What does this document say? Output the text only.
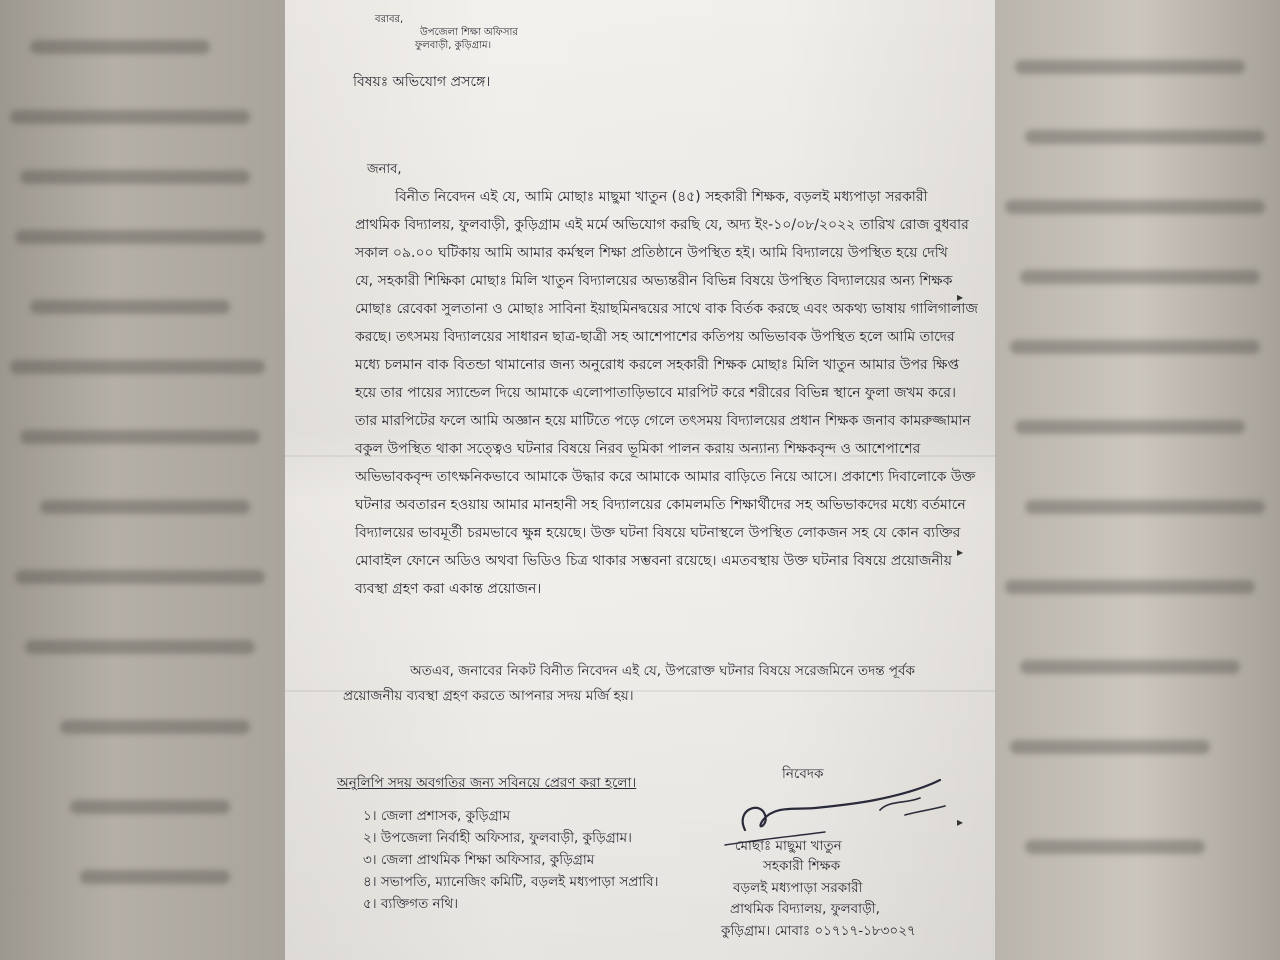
বরাবর,
উপজেলা শিক্ষা অফিসার
ফুলবাড়ী, কুড়িগ্রাম।
বিষয়ঃ অভিযোগ প্রসঙ্গে।
জনাব,
বিনীত নিবেদন এই যে, আমি মোছাঃ মাছুমা খাতুন (৪৫) সহকারী শিক্ষক, বড়লই মধ্যপাড়া সরকারী
প্রাথমিক বিদ্যালয়, ফুলবাড়ী, কুড়িগ্রাম এই মর্মে অভিযোগ করছি যে, অদ্য ইং-১০/০৮/২০২২ তারিখ রোজ বুধবার
সকাল ০৯.০০ ঘটিকায় আমি আমার কর্মস্থল শিক্ষা প্রতিষ্ঠানে উপস্থিত হই। আমি বিদ্যালয়ে উপস্থিত হয়ে দেখি
যে, সহকারী শিক্ষিকা মোছাঃ মিলি খাতুন বিদ্যালয়ের অভ্যন্তরীন বিভিন্ন বিষয়ে উপস্থিত বিদ্যালয়ের অন্য শিক্ষক
মোছাঃ রেবেকা সুলতানা ও মোছাঃ সাবিনা ইয়াছমিনদ্বয়ের সাথে বাক বির্তক করছে এবং অকথ্য ভাষায় গালিগালাজ
করছে। তৎসময় বিদ্যালয়ের সাধারন ছাত্র-ছাত্রী সহ আশেপাশের কতিপয় অভিভাবক উপস্থিত হলে আমি তাদের
মধ্যে চলমান বাক বিতন্ডা থামানোর জন্য অনুরোধ করলে সহকারী শিক্ষক মোছাঃ মিলি খাতুন আমার উপর ক্ষিপ্ত
হয়ে তার পায়ের স্যান্ডেল দিয়ে আমাকে এলোপাতাড়িভাবে মারপিট করে শরীরের বিভিন্ন স্থানে ফুলা জখম করে।
তার মারপিটের ফলে আমি অজ্ঞান হয়ে মাটিতে পড়ে গেলে তৎসময় বিদ্যালয়ের প্রধান শিক্ষক জনাব কামরুজ্জামান
বকুল উপস্থিত থাকা সত্ত্বেও ঘটনার বিষয়ে নিরব ভূমিকা পালন করায় অন্যান্য শিক্ষকবৃন্দ ও আশেপাশের
অভিভাবকবৃন্দ তাৎক্ষনিকভাবে আমাকে উদ্ধার করে আমাকে আমার বাড়িতে নিয়ে আসে। প্রকাশ্যে দিবালোকে উক্ত
ঘটনার অবতারন হওয়ায় আমার মানহানী সহ বিদ্যালয়ের কোমলমতি শিক্ষার্থীদের সহ অভিভাকদের মধ্যে বর্তমানে
বিদ্যালয়ের ভাবমূর্তী চরমভাবে ক্ষুন্ন হয়েছে। উক্ত ঘটনা বিষয়ে ঘটনাস্থলে উপস্থিত লোকজন সহ যে কোন ব্যক্তির
মোবাইল ফোনে অডিও অথবা ভিডিও চিত্র থাকার সম্ভবনা রয়েছে। এমতবস্থায় উক্ত ঘটনার বিষয়ে প্রয়োজনীয়
ব্যবস্থা গ্রহণ করা একান্ত প্রয়োজন।
অতএব, জনাবের নিকট বিনীত নিবেদন এই যে, উপরোক্ত ঘটনার বিষয়ে সরেজমিনে তদন্ত পূর্বক
প্রয়োজনীয় ব্যবস্থা গ্রহণ করতে আপনার সদয় মর্জি হয়।
অনুলিপি সদয় অবগতির জন্য সবিনয়ে প্রেরণ করা হলো।
১। জেলা প্রশাসক, কুড়িগ্রাম
২। উপজেলা নির্বাহী অফিসার, ফুলবাড়ী, কুড়িগ্রাম।
৩। জেলা প্রাথমিক শিক্ষা অফিসার, কুড়িগ্রাম
৪। সভাপতি, ম্যানেজিং কমিটি, বড়লই মধ্যপাড়া সপ্রাবি।
৫। ব্যক্তিগত নথি।
নিবেদক
মোছাঃ মাছুমা খাতুন
সহকারী শিক্ষক
বড়লই মধ্যপাড়া সরকারী
প্রাথমিক বিদ্যালয়, ফুলবাড়ী,
কুড়িগ্রাম। মোবাঃ ০১৭১৭-১৮৩০২৭
▸
▸
▸
